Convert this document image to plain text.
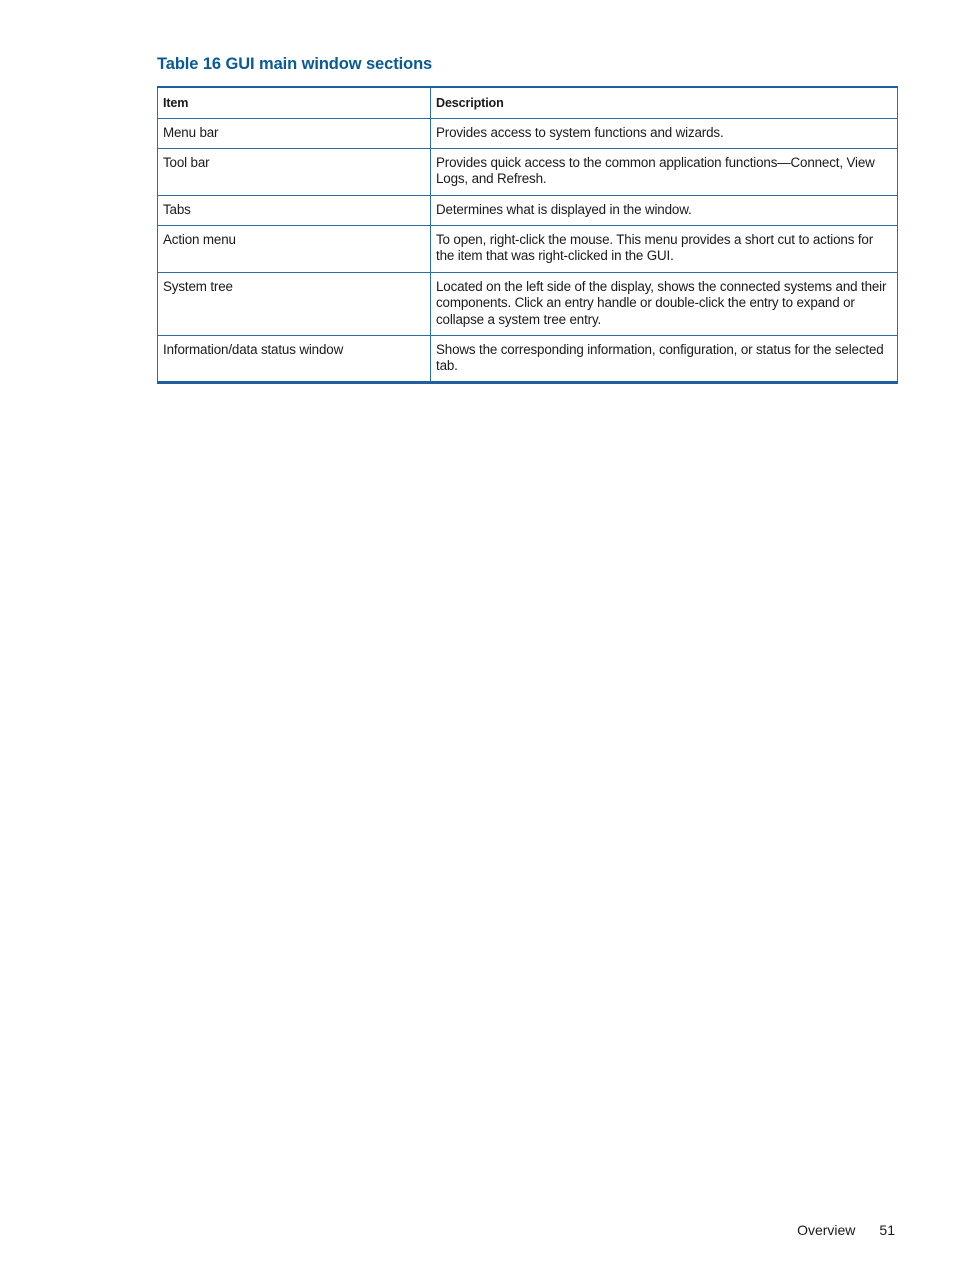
Table 16 GUI main window sections
Item	Description
Menu bar	Provides access to system functions and wizards.
Tool bar	Provides quick access to the common application functions—Connect, View Logs, and Refresh.
Tabs	Determines what is displayed in the window.
Action menu	To open, right-click the mouse. This menu provides a short cut to actions for the item that was right-clicked in the GUI.
System tree	Located on the left side of the display, shows the connected systems and their components. Click an entry handle or double-click the entry to expand or collapse a system tree entry.
Information/data status window	Shows the corresponding information, configuration, or status for the selected tab.
Overview 51
